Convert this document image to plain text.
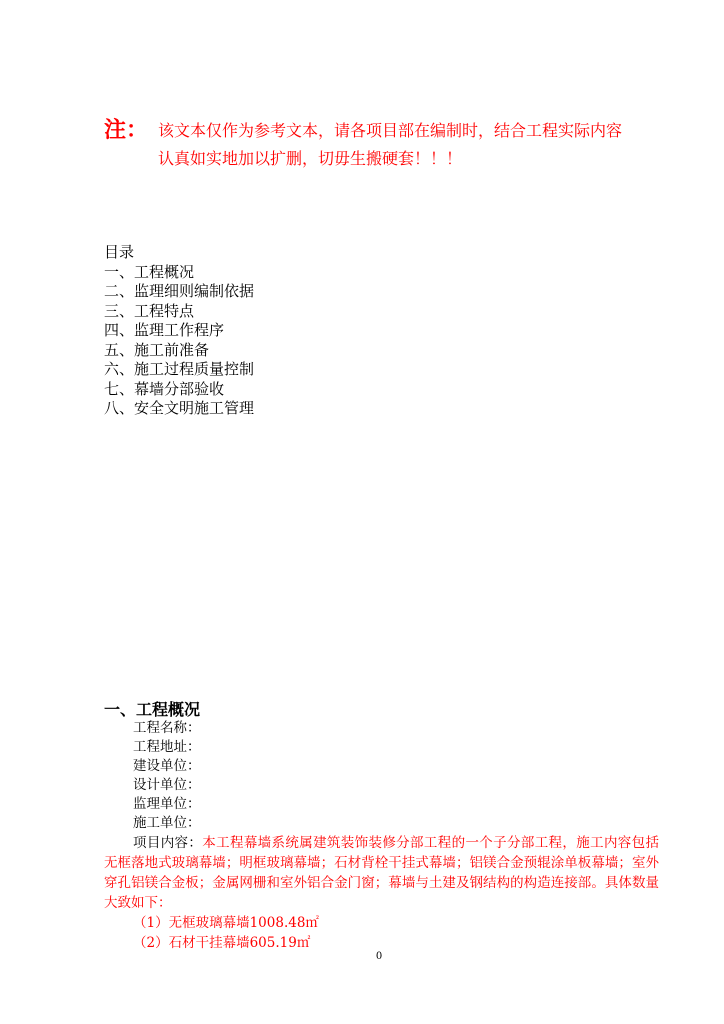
注： 该文本仅作为参考文本，请各项目部在编制时，结合工程实际内容
认真如实地加以扩删，切毋生搬硬套！！！
目录
一、工程概况
二、监理细则编制依据
三、工程特点
四、监理工作程序
五、施工前准备
六、施工过程质量控制
七、幕墙分部验收
八、安全文明施工管理
一、工程概况
工程名称：
工程地址：
建设单位：
设计单位：
监理单位：
施工单位：

项目内容：本工程幕墙系统属建筑装饰装修分部工程的一个子分部工程，施工内容包括无框落地式玻璃幕墙；明框玻璃幕墙；石材背栓干挂式幕墙；铝镁合金预辊涂单板幕墙；室外穿孔铝镁合金板；金属网栅和室外铝合金门窗；幕墙与土建及钢结构的构造连接部。具体数量大致如下：

（1）无框玻璃幕墙1008.48㎡
（2）石材干挂幕墙605.19㎡
0
